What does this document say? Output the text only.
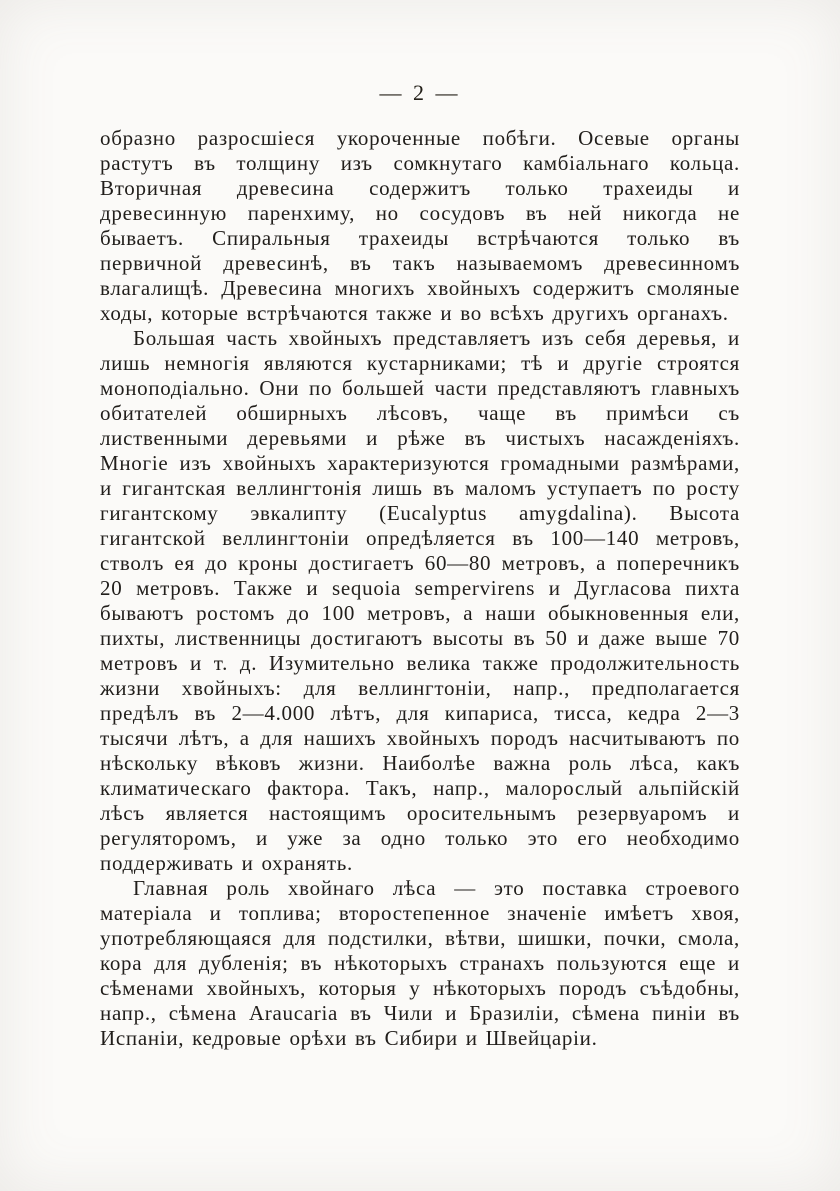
— 2 —

образно разросшіеся укороченные побѣги. Осевые органы растутъ въ толщину изъ сомкнутаго камбіальнаго кольца. Вторичная древесина содержитъ только трахеиды и древесинную паренхиму, но сосудовъ въ ней никогда не бываетъ. Спиральныя трахеиды встрѣчаются только въ первичной древесинѣ, въ такъ называемомъ древесинномъ влагалищѣ. Древесина многихъ хвойныхъ содержитъ смоляные ходы, которые встрѣчаются также и во всѣхъ другихъ органахъ.

Большая часть хвойныхъ представляетъ изъ себя деревья, и лишь немногія являются кустарниками; тѣ и другіе строятся моноподіально. Они по большей части представляютъ главныхъ обитателей обширныхъ лѣсовъ, чаще въ примѣси съ лиственными деревьями и рѣже въ чистыхъ насажденіяхъ. Многіе изъ хвойныхъ характеризуются громадными размѣрами, и гигантская веллингтонія лишь въ маломъ уступаетъ по росту гигантскому эвкалипту (Eucalyptus amygdalina). Высота гигантской веллингтоніи опредѣляется въ 100—140 метровъ, стволъ ея до кроны достигаетъ 60—80 метровъ, а поперечникъ 20 метровъ. Также и sequoia sempervirens и Дугласова пихта бываютъ ростомъ до 100 метровъ, а наши обыкновенныя ели, пихты, лиственницы достигаютъ высоты въ 50 и даже выше 70 метровъ и т. д. Изумительно велика также продолжительность жизни хвойныхъ: для веллингтоніи, напр., предполагается предѣлъ въ 2—4.000 лѣтъ, для кипариса, тисса, кедра 2—3 тысячи лѣтъ, а для нашихъ хвойныхъ породъ насчитываютъ по нѣскольку вѣковъ жизни. Наиболѣе важна роль лѣса, какъ климатическаго фактора. Такъ, напр., малорослый альпійскій лѣсъ является настоящимъ оросительнымъ резервуаромъ и регуляторомъ, и уже за одно только это его необходимо поддерживать и охранять.

Главная роль хвойнаго лѣса — это поставка строевого матеріала и топлива; второстепенное значеніе имѣетъ хвоя, употребляющаяся для подстилки, вѣтви, шишки, почки, смола, кора для дубленія; въ нѣкоторыхъ странахъ пользуются еще и сѣменами хвойныхъ, которыя у нѣкоторыхъ породъ съѣдобны, напр., сѣмена Araucaria въ Чили и Бразиліи, сѣмена пиніи въ Испаніи, кедровые орѣхи въ Сибири и Швейцаріи.
